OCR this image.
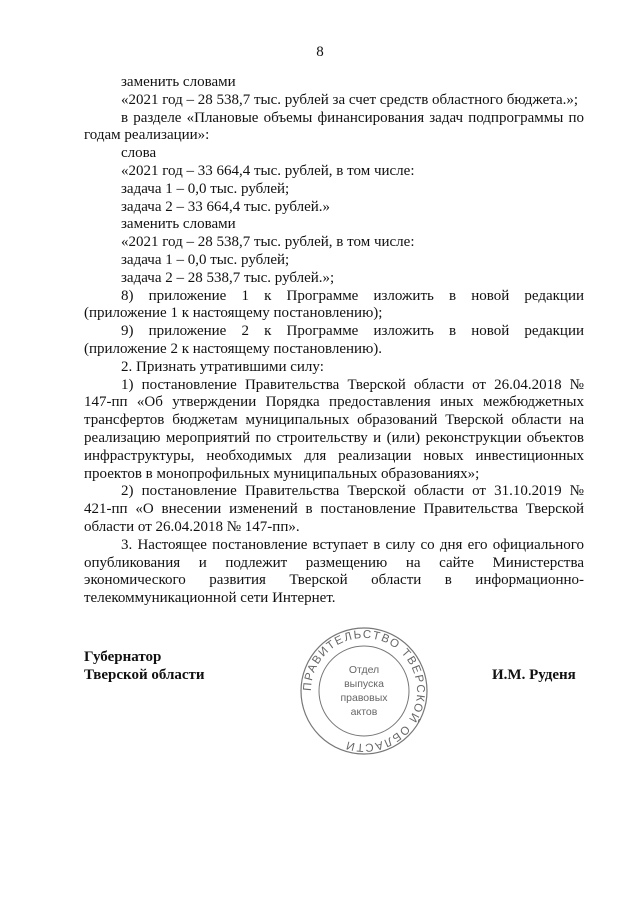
8

заменить словами

«2021 год – 28 538,7 тыс. рублей за счет средств областного бюджета.»;

в разделе «Плановые объемы финансирования задач подпрограммы по годам реализации»:

слова

«2021 год – 33 664,4 тыс. рублей, в том числе:

задача 1 – 0,0 тыс. рублей;

задача 2 – 33 664,4 тыс. рублей.»

заменить словами

«2021 год – 28 538,7 тыс. рублей, в том числе:

задача 1 – 0,0 тыс. рублей;

задача 2 – 28 538,7 тыс. рублей.»;

8) приложение 1 к Программе изложить в новой редакции

(приложение 1 к настоящему постановлению);

9) приложение 2 к Программе изложить в новой редакции

(приложение 2 к настоящему постановлению).

2. Признать утратившими силу:

1) постановление Правительства Тверской области от 26.04.2018 № 147-пп «Об утверждении Порядка предоставления иных межбюджетных трансфертов бюджетам муниципальных образований Тверской области на реализацию мероприятий по строительству и (или) реконструкции объектов инфраструктуры, необходимых для реализации новых инвестиционных проектов в монопрофильных муниципальных образованиях»;

2) постановление Правительства Тверской области от 31.10.2019 № 421-пп «О внесении изменений в постановление Правительства Тверской области от 26.04.2018 № 147-пп».

3. Настоящее постановление вступает в силу со дня его официального опубликования и подлежит размещению на сайте Министерства экономического развития Тверской области в информационно-телекоммуникационной сети Интернет.

Губернатор
Тверской области
ПРАВИТЕЛЬСТВО ТВЕРСКОЙ ОБЛАСТИ
Отдел
выпуска
правовых
актов
И.М. Руденя
